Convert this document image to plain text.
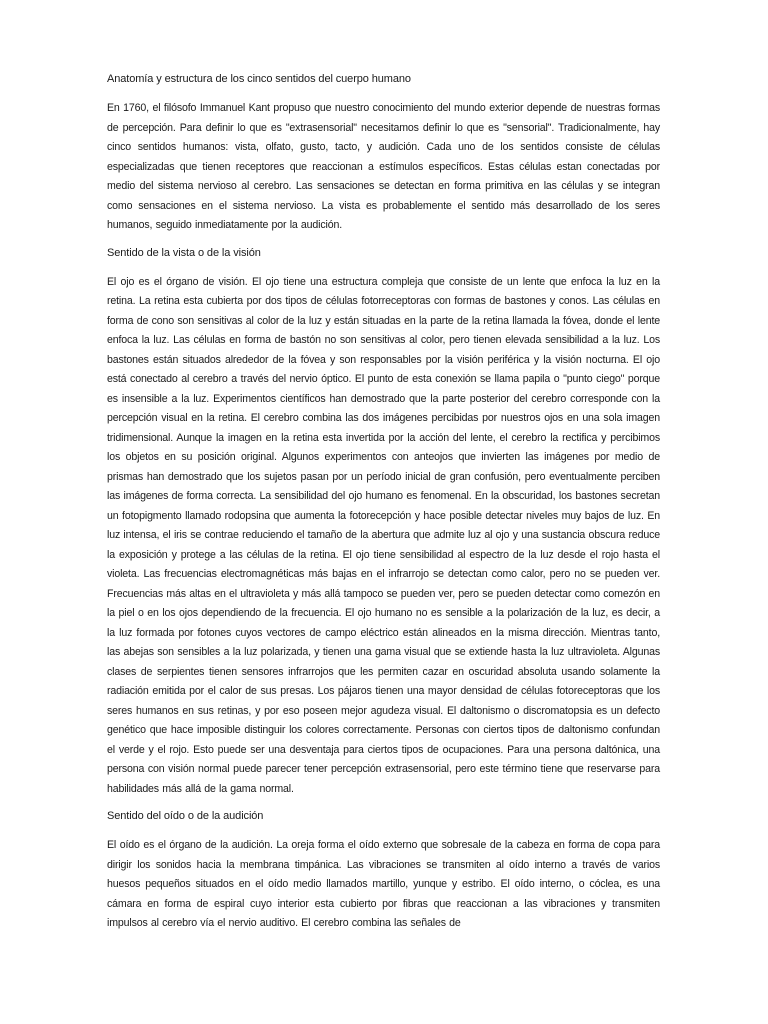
Anatomía y estructura de los cinco sentidos del cuerpo humano

En 1760, el filósofo Immanuel Kant propuso que nuestro conocimiento del mundo exterior depende de nuestras formas de percepción. Para definir lo que es "extrasensorial" necesitamos definir lo que es "sensorial". Tradicionalmente, hay cinco sentidos humanos: vista, olfato, gusto, tacto, y audición. Cada uno de los sentidos consiste de células especializadas que tienen receptores que reaccionan a estímulos específicos. Estas células estan conectadas por medio del sistema nervioso al cerebro. Las sensaciones se detectan en forma primitiva en las células y se integran como sensaciones en el sistema nervioso. La vista es probablemente el sentido más desarrollado de los seres humanos, seguido inmediatamente por la audición.

Sentido de la vista o de la visión

El ojo es el órgano de visión. El ojo tiene una estructura compleja que consiste de un lente que enfoca la luz en la retina. La retina esta cubierta por dos tipos de células fotorreceptoras con formas de bastones y conos. Las células en forma de cono son sensitivas al color de la luz y están situadas en la parte de la retina llamada la fóvea, donde el lente enfoca la luz. Las células en forma de bastón no son sensitivas al color, pero tienen elevada sensibilidad a la luz. Los bastones están situados alrededor de la fóvea y son responsables por la visión periférica y la visión nocturna. El ojo está conectado al cerebro a través del nervio óptico. El punto de esta conexión se llama papila o "punto ciego" porque es insensible a la luz. Experimentos científicos han demostrado que la parte posterior del cerebro corresponde con la percepción visual en la retina. El cerebro combina las dos imágenes percibidas por nuestros ojos en una sola imagen tridimensional. Aunque la imagen en la retina esta invertida por la acción del lente, el cerebro la rectifica y percibimos los objetos en su posición original. Algunos experimentos con anteojos que invierten las imágenes por medio de prismas han demostrado que los sujetos pasan por un período inicial de gran confusión, pero eventualmente perciben las imágenes de forma correcta. La sensibilidad del ojo humano es fenomenal. En la obscuridad, los bastones secretan un fotopigmento llamado rodopsina que aumenta la fotorecepción y hace posible detectar niveles muy bajos de luz. En luz intensa, el iris se contrae reduciendo el tamaño de la abertura que admite luz al ojo y una sustancia obscura reduce la exposición y protege a las células de la retina. El ojo tiene sensibilidad al espectro de la luz desde el rojo hasta el violeta. Las frecuencias electromagnéticas más bajas en el infrarrojo se detectan como calor, pero no se pueden ver. Frecuencias más altas en el ultravioleta y más allá tampoco se pueden ver, pero se pueden detectar como comezón en la piel o en los ojos dependiendo de la frecuencia. El ojo humano no es sensible a la polarización de la luz, es decir, a la luz formada por fotones cuyos vectores de campo eléctrico están alineados en la misma dirección. Mientras tanto, las abejas son sensibles a la luz polarizada, y tienen una gama visual que se extiende hasta la luz ultravioleta. Algunas clases de serpientes tienen sensores infrarrojos que les permiten cazar en oscuridad absoluta usando solamente la radiación emitida por el calor de sus presas. Los pájaros tienen una mayor densidad de células fotoreceptoras que los seres humanos en sus retinas, y por eso poseen mejor agudeza visual. El daltonismo o discromatopsia es un defecto genético que hace imposible distinguir los colores correctamente. Personas con ciertos tipos de daltonismo confundan el verde y el rojo. Esto puede ser una desventaja para ciertos tipos de ocupaciones. Para una persona daltónica, una persona con visión normal puede parecer tener percepción extrasensorial, pero este término tiene que reservarse para habilidades más allá de la gama normal.

Sentido del oído o de la audición

El oído es el órgano de la audición. La oreja forma el oído externo que sobresale de la cabeza en forma de copa para dirigir los sonidos hacia la membrana timpánica. Las vibraciones se transmiten al oído interno a través de varios huesos pequeños situados en el oído medio llamados martillo, yunque y estribo. El oído interno, o cóclea, es una cámara en forma de espiral cuyo interior esta cubierto por fibras que reaccionan a las vibraciones y transmiten impulsos al cerebro vía el nervio auditivo. El cerebro combina las señales de
